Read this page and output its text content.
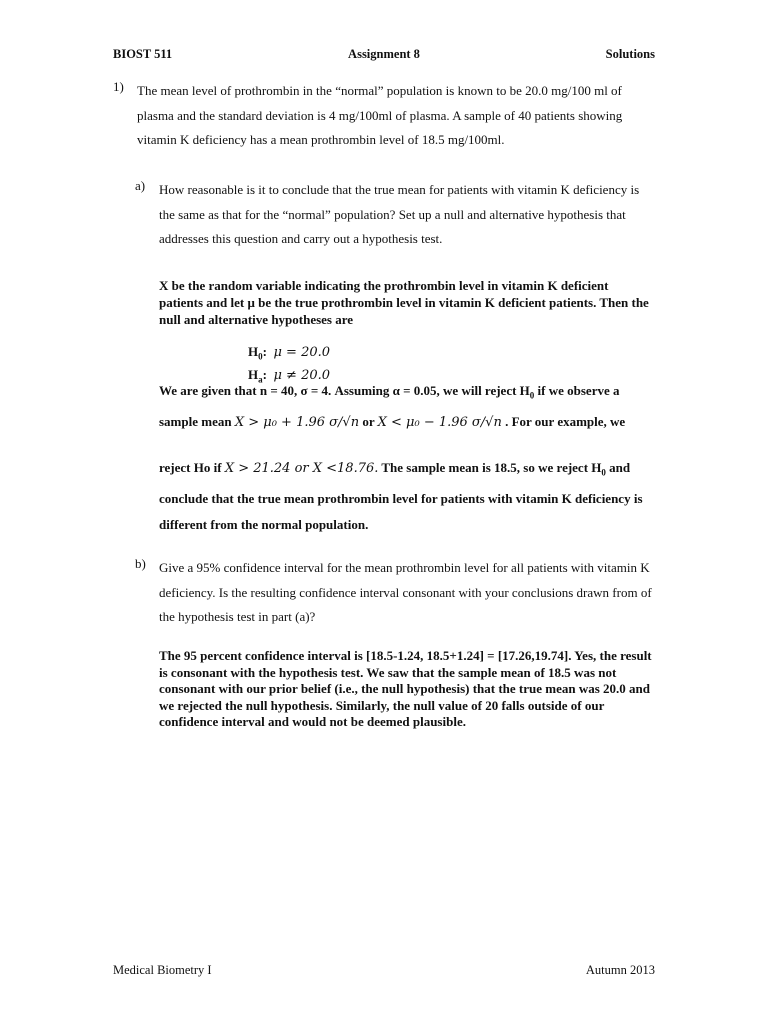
BIOST 511	Assignment 8	Solutions
1) The mean level of prothrombin in the “normal” population is known to be 20.0 mg/100 ml of plasma and the standard deviation is 4 mg/100ml of plasma. A sample of 40 patients showing vitamin K deficiency has a mean prothrombin level of 18.5 mg/100ml.
a) How reasonable is it to conclude that the true mean for patients with vitamin K deficiency is the same as that for the “normal” population? Set up a null and alternative hypothesis that addresses this question and carry out a hypothesis test.
X be the random variable indicating the prothrombin level in vitamin K deficient patients and let μ be the true prothrombin level in vitamin K deficient patients. Then the null and alternative hypotheses are
$H_0$:  μ = 20.0
$H_a$:  μ ≠ 20.0
We are given that n = 40, σ = 4. Assuming α = 0.05, we will reject $H_0$ if we observe a
sample mean X > μ₀ + 1.96 σ/√n or X < μ₀ − 1.96 σ/√n . For our example, we
reject Ho if X > 21.24 or X <18.76. The sample mean is 18.5, so we reject $H_0$ and conclude that the true mean prothrombin level for patients with vitamin K deficiency is different from the normal population.
b) Give a 95% confidence interval for the mean prothrombin level for all patients with vitamin K deficiency. Is the resulting confidence interval consonant with your conclusions drawn from of the hypothesis test in part (a)?
The 95 percent confidence interval is [18.5-1.24, 18.5+1.24] = [17.26,19.74]. Yes, the result is consonant with the hypothesis test. We saw that the sample mean of 18.5 was not consonant with our prior belief (i.e., the null hypothesis) that the true mean was 20.0 and we rejected the null hypothesis. Similarly, the null value of 20 falls outside of our confidence interval and would not be deemed plausible.
Medical Biometry I	Autumn 2013
